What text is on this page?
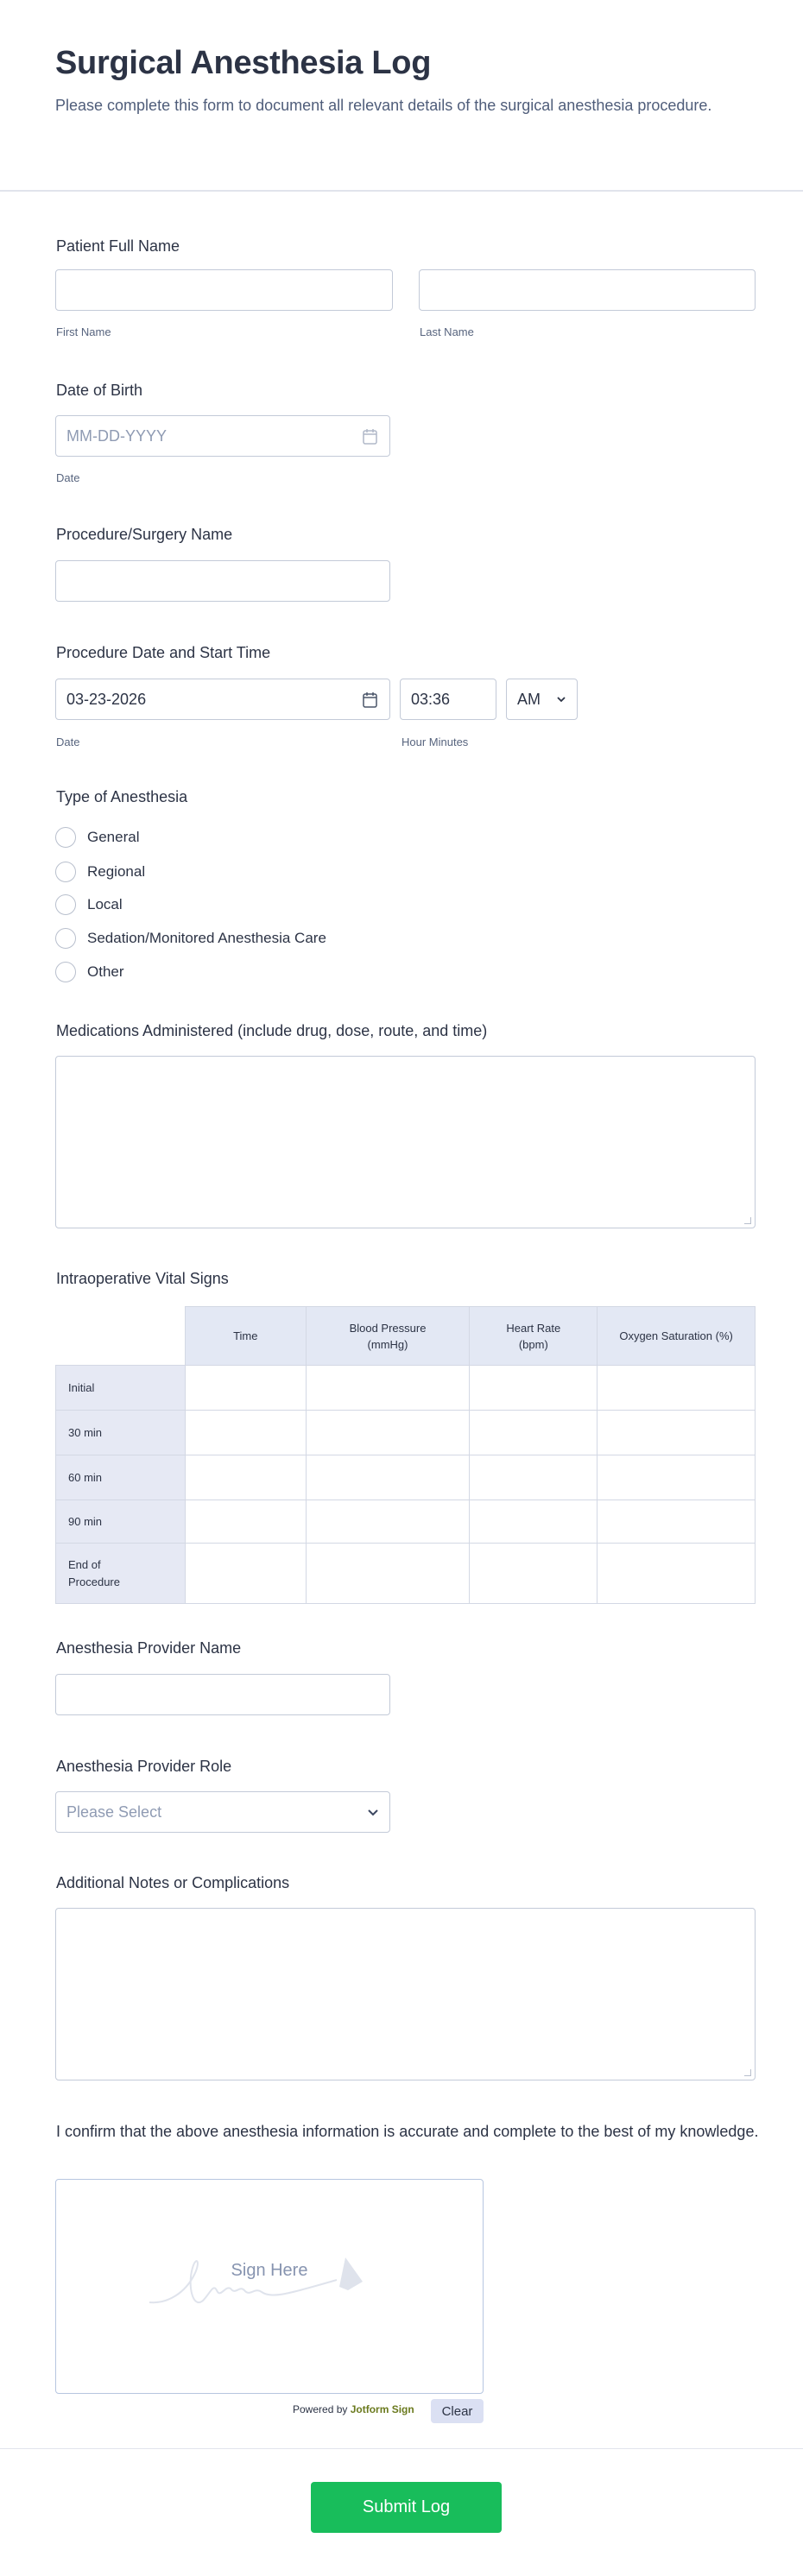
Surgical Anesthesia Log

Please complete this form to document all relevant details of the surgical anesthesia procedure.

Patient Full Name
First Name	Last Name
Date of Birth
MM-DD-YYYY
Date
Procedure/Surgery Name
Procedure Date and Start Time
03-23-2026	03:36	AM
Date	Hour Minutes
Type of Anesthesia
General
Regional
Local
Sedation/Monitored Anesthesia Care
Other
Medications Administered (include drug, dose, route, and time)
Intraoperative Vital Signs
	Time	Blood Pressure (mmHg)	Heart Rate (bpm)	Oxygen Saturation (%)
Initial				
30 min				
60 min				
90 min				
End of Procedure				
Anesthesia Provider Name
Anesthesia Provider Role
Please Select
Additional Notes or Complications
I confirm that the above anesthesia information is accurate and complete to the best of my knowledge.
Sign Here
Powered by Jotform Sign	Clear
Submit Log
